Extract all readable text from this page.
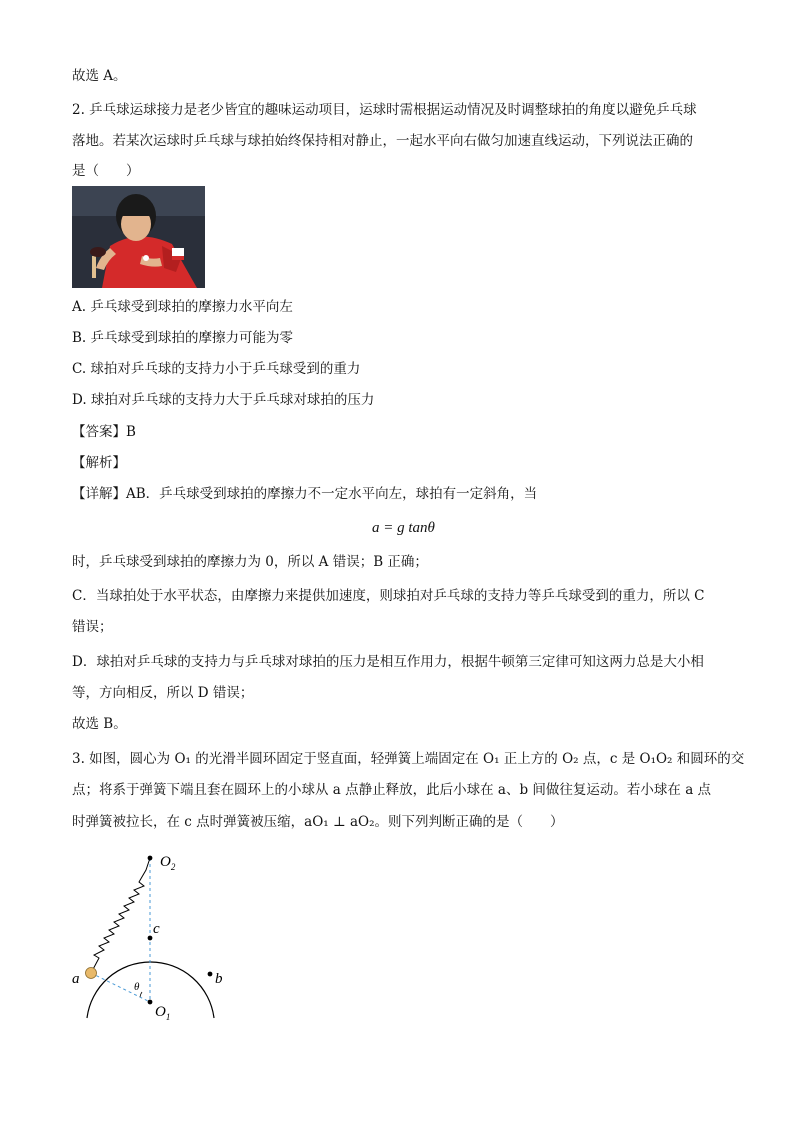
故选 A。
2. 乒乓球运球接力是老少皆宜的趣味运动项目，运球时需根据运动情况及时调整球拍的角度以避免乒乓球
落地。若某次运球时乒乓球与球拍始终保持相对静止，一起水平向右做匀加速直线运动，下列说法正确的
是（　　）
A. 乒乓球受到球拍的摩擦力水平向左
B. 乒乓球受到球拍的摩擦力可能为零
C. 球拍对乒乓球的支持力小于乒乓球受到的重力
D. 球拍对乒乓球的支持力大于乒乓球对球拍的压力
【答案】B
【解析】
【详解】AB．乒乓球受到球拍的摩擦力不一定水平向左，球拍有一定斜角，当
a = g tanθ
时，乒乓球受到球拍的摩擦力为 0，所以 A 错误；B 正确；
C．当球拍处于水平状态，由摩擦力来提供加速度，则球拍对乒乓球的支持力等乒乓球受到的重力，所以 C
错误；
D．球拍对乒乓球的支持力与乒乓球对球拍的压力是相互作用力，根据牛顿第三定律可知这两力总是大小相
等，方向相反，所以 D 错误；
故选 B。
3. 如图，圆心为 O₁ 的光滑半圆环固定于竖直面，轻弹簧上端固定在 O₁ 正上方的 O₂ 点，c 是 O₁O₂ 和圆环的交
点；将系于弹簧下端且套在圆环上的小球从 a 点静止释放，此后小球在 a、b 间做往复运动。若小球在 a 点
时弹簧被拉长，在 c 点时弹簧被压缩，aO₁ ⊥ aO₂。则下列判断正确的是（　　）
$O_2$
c
a	b
θ
$O_1$
